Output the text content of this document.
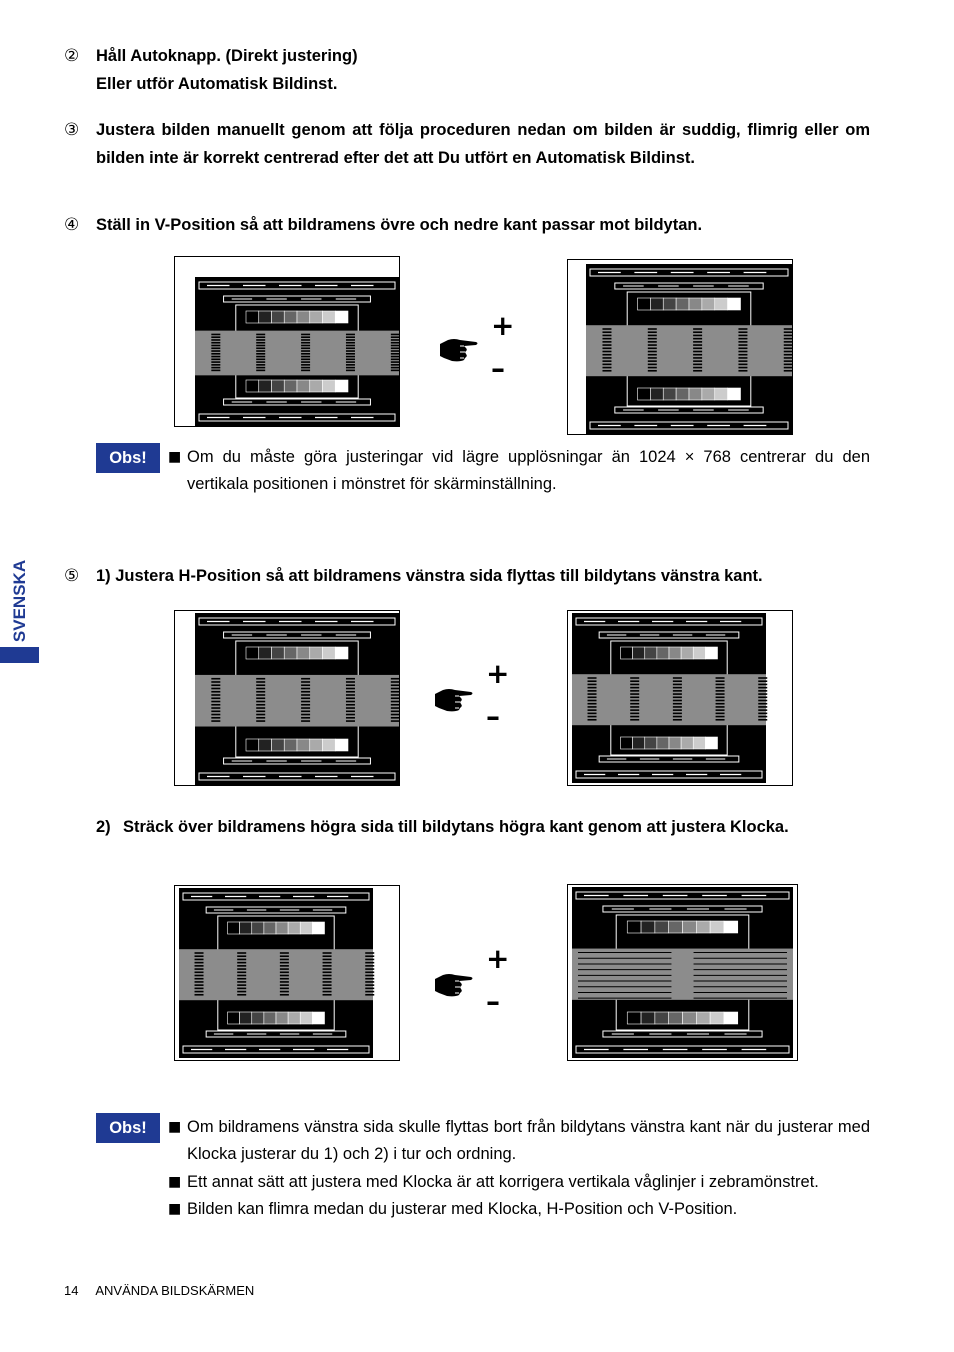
② Håll Autoknapp. (Direkt justering)
Eller utför Automatisk Bildinst.
③ Justera bilden manuellt genom att följa proceduren nedan om bilden är suddig, flimrig eller om bilden inte är korrekt centrerad efter det att Du utfört en Automatisk Bildinst.
④ Ställ in V-Position så att bildramens övre och nedre kant passar mot bildytan.
+
–
Obs!	■ Om du måste göra justeringar vid lägre upplösningar än 1024 × 768 centrerar du den vertikala positionen i mönstret för skärminställning.
SVENSKA	⑤ 1) Justera H-Position så att bildramens vänstra sida flyttas till bildytans vänstra kant.
+
–
2) Sträck över bildramens högra sida till bildytans högra kant genom att justera Klocka.
+
–
Obs!	■ Om bildramens vänstra sida skulle flyttas bort från bildytans vänstra kant när du justerar med Klocka justerar du 1) och 2) i tur och ordning.
■ Ett annat sätt att justera med Klocka är att korrigera vertikala våglinjer i zebramönstret.
■ Bilden kan flimra medan du justerar med Klocka, H-Position och V-Position.
14 ANVÄNDA BILDSKÄRMEN
